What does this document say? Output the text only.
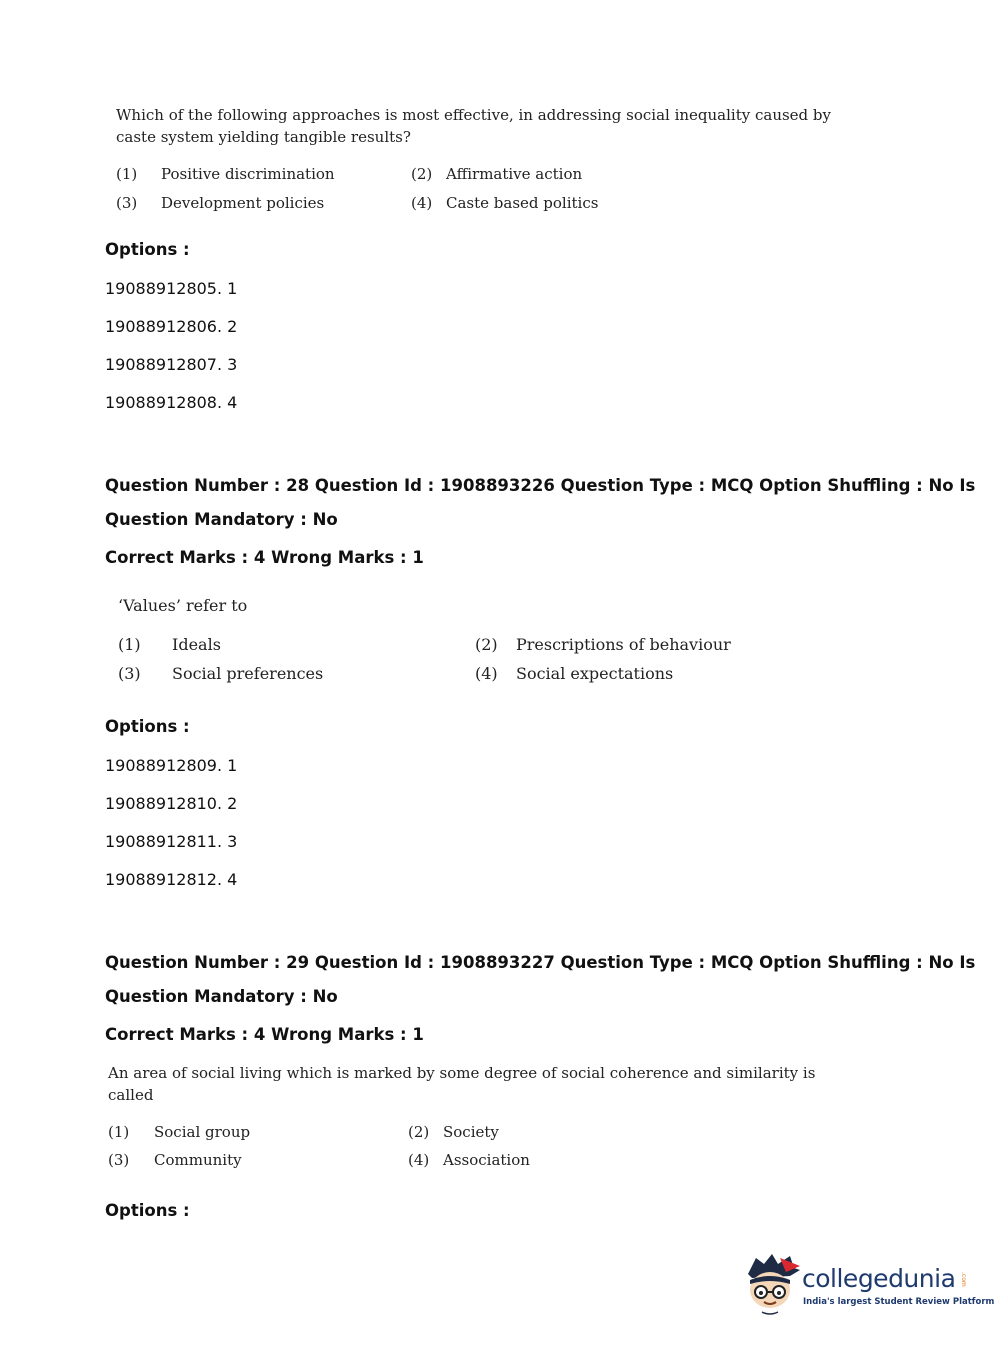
Which of the following approaches is most effective, in addressing social inequality caused by
caste system yielding tangible results?
(1) Positive discrimination	(2) Affirmative action
(3) Development policies	(4) Caste based politics
Options :
19088912805. 1
19088912806. 2
19088912807. 3
19088912808. 4
Question Number : 28 Question Id : 1908893226 Question Type : MCQ Option Shuffling : No Is
Question Mandatory : No
Correct Marks : 4 Wrong Marks : 1
‘Values’ refer to
(1) Ideals	(2) Prescriptions of behaviour
(3) Social preferences	(4) Social expectations
Options :
19088912809. 1
19088912810. 2
19088912811. 3
19088912812. 4
Question Number : 29 Question Id : 1908893227 Question Type : MCQ Option Shuffling : No Is
Question Mandatory : No
Correct Marks : 4 Wrong Marks : 1
An area of social living which is marked by some degree of social coherence and similarity is
called
(1) Social group	(2) Society
(3) Community	(4) Association
Options :
collegedunia .com
India's largest Student Review Platform
